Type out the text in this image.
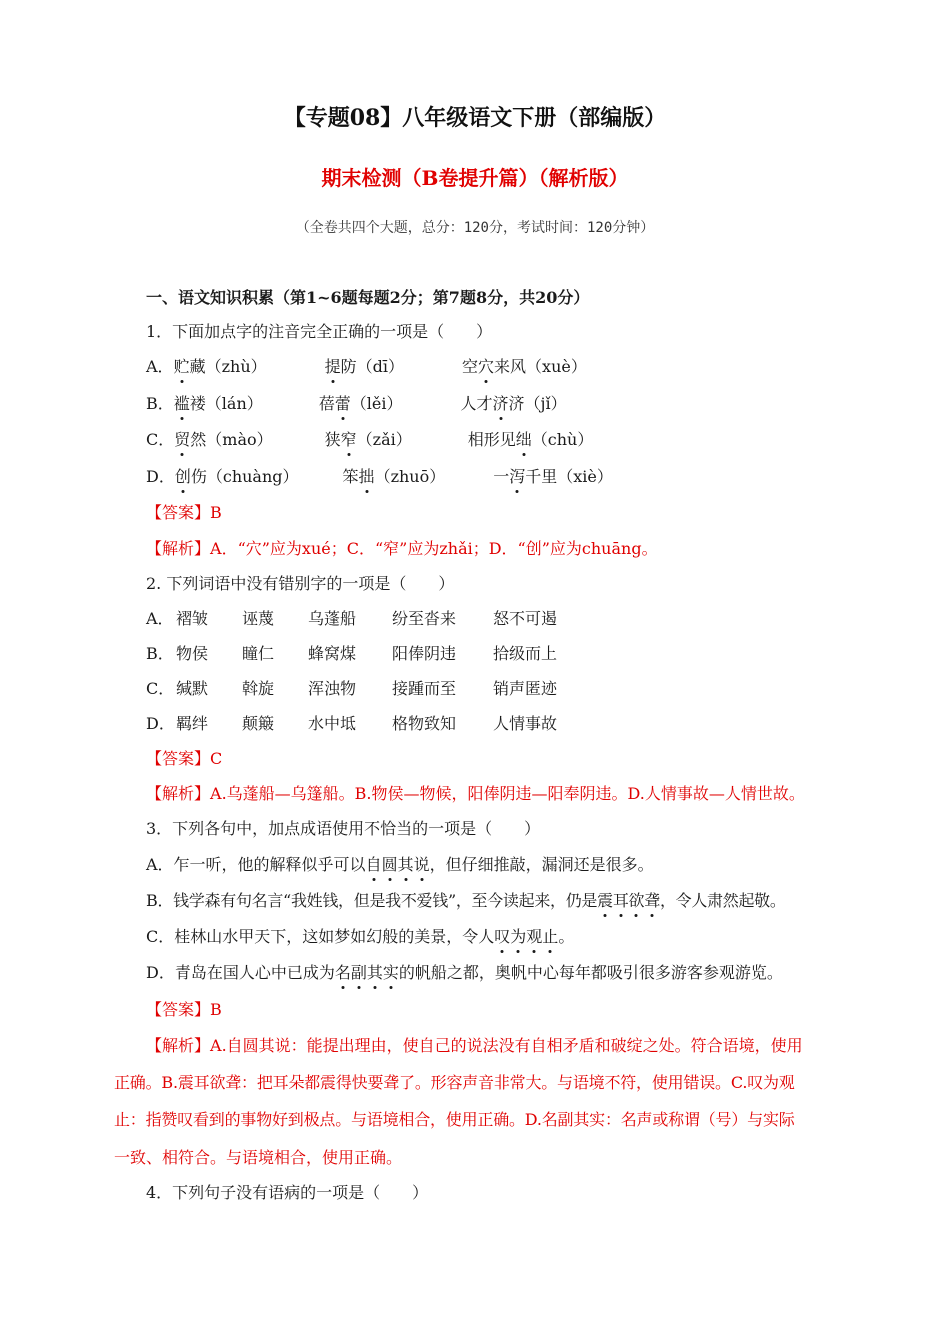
【专题08】八年级语文下册（部编版）
期末检测（B卷提升篇）（解析版）
（全卷共四个大题，总分：120分，考试时间：120分钟）
一、语文知识积累（第1~6题每题2分；第7题8分，共20分）
1．下面加点字的注音完全正确的一项是（　　）
A．贮藏（zhù）	提防（dī）	空穴来风（xuè）
B．褴褛（lán）	蓓蕾（lěi）	人才济济（jǐ）
C．贸然（mào）	狭窄（zǎi）	相形见绌（chù）
D．创伤（chuàng）	笨拙（zhuō）	一泻千里（xiè）
【答案】B
【解析】A．“穴”应为xué；C．“窄”应为zhǎi；D．“创”应为chuāng。
2. 下列词语中没有错别字的一项是（　　）
A． 褶皱 诬蔑 乌蓬船 纷至沓来 怒不可遏
B． 物侯 瞳仁 蜂窝煤 阳俸阴违 拾级而上
C． 缄默 斡旋 浑浊物 接踵而至 销声匿迹
D．羁绊 颠簸 水中坻 格物致知 人情事故
【答案】C
【解析】A.乌蓬船—乌篷船。B.物侯—物候，阳俸阴违—阳奉阴违。D.人情事故—人情世故。
3．下列各句中，加点成语使用不恰当的一项是（　　）
A．乍一听，他的解释似乎可以自圆其说，但仔细推敲，漏洞还是很多。
B．钱学森有句名言“我姓钱，但是我不爱钱”，至今读起来，仍是震耳欲聋，令人肃然起敬。
C．桂林山水甲天下，这如梦如幻般的美景，令人叹为观止。
D．青岛在国人心中已成为名副其实的帆船之都，奥帆中心每年都吸引很多游客参观游览。
【答案】B
【解析】A.自圆其说：能提出理由，使自己的说法没有自相矛盾和破绽之处。符合语境，使用
正确。B.震耳欲聋：把耳朵都震得快要聋了。形容声音非常大。与语境不符，使用错误。C.叹为观
止：指赞叹看到的事物好到极点。与语境相合，使用正确。D.名副其实：名声或称谓（号）与实际
一致、相符合。与语境相合，使用正确。
4．下列句子没有语病的一项是（　　）
